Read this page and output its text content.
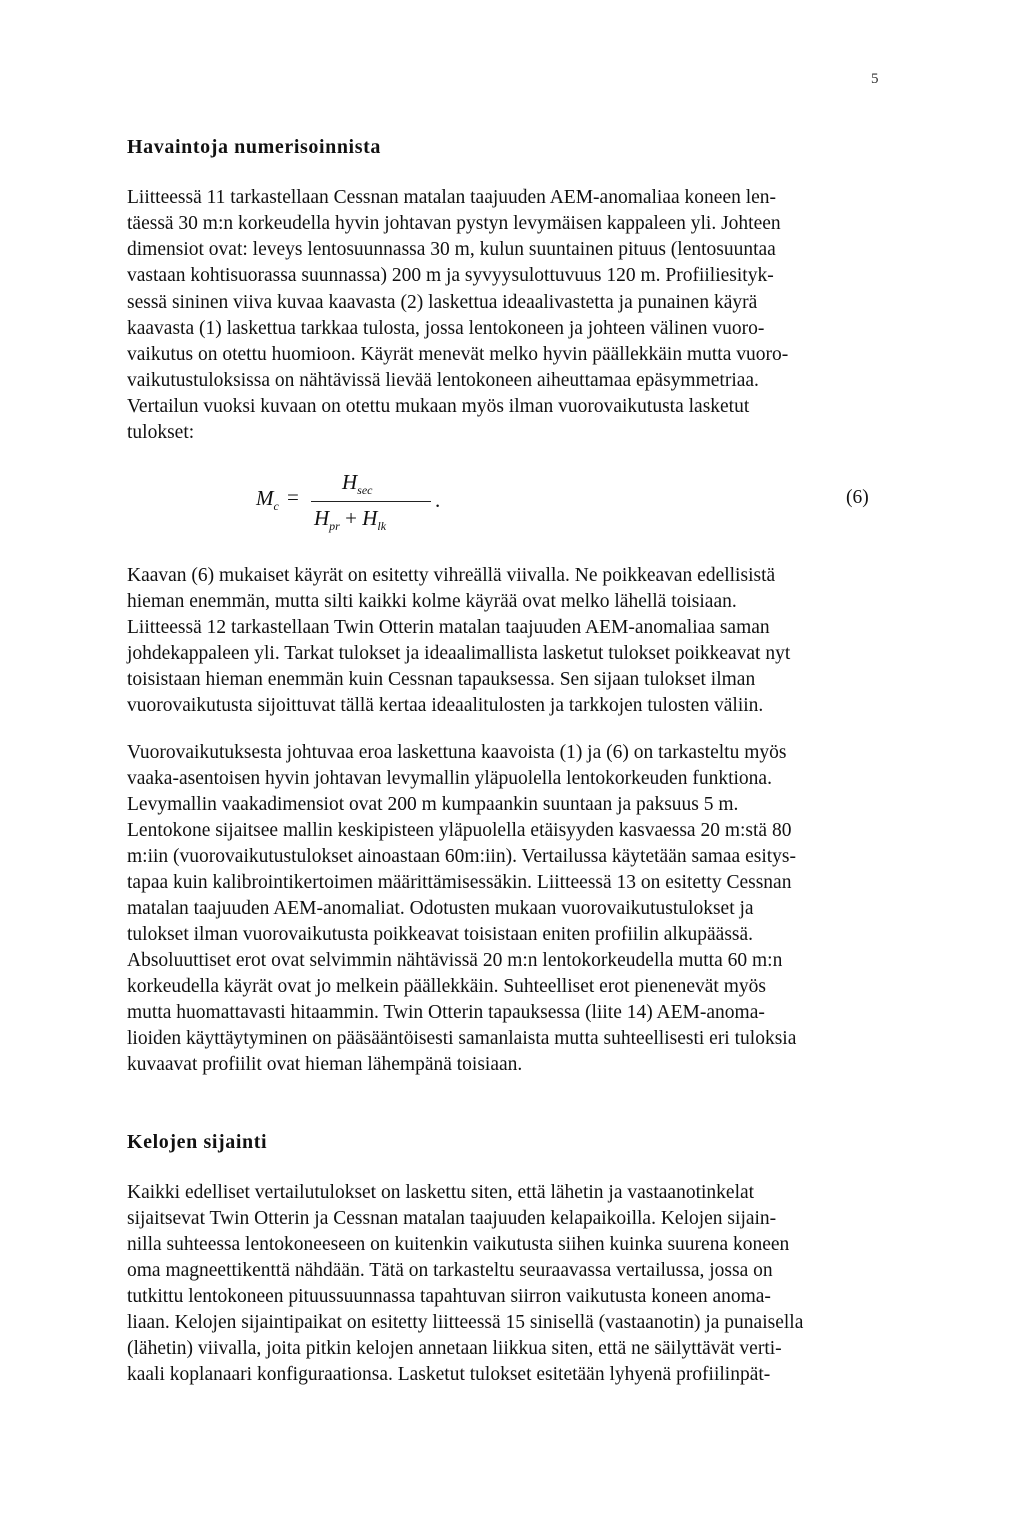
5
Havaintoja numerisoinnista
Liitteessä 11 tarkastellaan Cessnan matalan taajuuden AEM-anomaliaa koneen len-
täessä 30 m:n korkeudella hyvin johtavan pystyn levymäisen kappaleen yli. Johteen
dimensiot ovat: leveys lentosuunnassa 30 m, kulun suuntainen pituus (lentosuuntaa
vastaan kohtisuorassa suunnassa) 200 m ja syvyysulottuvuus 120 m. Profiiliesityk-
sessä sininen viiva kuvaa kaavasta (2) laskettua ideaalivastetta ja punainen käyrä
kaavasta (1) laskettua tarkkaa tulosta, jossa lentokoneen ja johteen välinen vuoro-
vaikutus on otettu huomioon. Käyrät menevät melko hyvin päällekkäin mutta vuoro-
vaikutustuloksissa on nähtävissä lievää lentokoneen aiheuttamaa epäsymmetriaa.
Vertailun vuoksi kuvaan on otettu mukaan myös ilman vuorovaikutusta lasketut
tulokset:
$M_c$ =
$H_{sec}$
$H_{pr} + H_{lk}$
.	(6)
Kaavan (6) mukaiset käyrät on esitetty vihreällä viivalla. Ne poikkeavan edellisistä
hieman enemmän, mutta silti kaikki kolme käyrää ovat melko lähellä toisiaan.
Liitteessä 12 tarkastellaan Twin Otterin matalan taajuuden AEM-anomaliaa saman
johdekappaleen yli. Tarkat tulokset ja ideaalimallista lasketut tulokset poikkeavat nyt
toisistaan hieman enemmän kuin Cessnan tapauksessa. Sen sijaan tulokset ilman
vuorovaikutusta sijoittuvat tällä kertaa ideaalitulosten ja tarkkojen tulosten väliin.
Vuorovaikutuksesta johtuvaa eroa laskettuna kaavoista (1) ja (6) on tarkasteltu myös
vaaka-asentoisen hyvin johtavan levymallin yläpuolella lentokorkeuden funktiona.
Levymallin vaakadimensiot ovat 200 m kumpaankin suuntaan ja paksuus 5 m.
Lentokone sijaitsee mallin keskipisteen yläpuolella etäisyyden kasvaessa 20 m:stä 80
m:iin (vuorovaikutustulokset ainoastaan 60m:iin). Vertailussa käytetään samaa esitys-
tapaa kuin kalibrointikertoimen määrittämisessäkin. Liitteessä 13 on esitetty Cessnan
matalan taajuuden AEM-anomaliat. Odotusten mukaan vuorovaikutustulokset ja
tulokset ilman vuorovaikutusta poikkeavat toisistaan eniten profiilin alkupäässä.
Absoluuttiset erot ovat selvimmin nähtävissä 20 m:n lentokorkeudella mutta 60 m:n
korkeudella käyrät ovat jo melkein päällekkäin. Suhteelliset erot pienenevät myös
mutta huomattavasti hitaammin. Twin Otterin tapauksessa (liite 14) AEM-anoma-
lioiden käyttäytyminen on pääsääntöisesti samanlaista mutta suhteellisesti eri tuloksia
kuvaavat profiilit ovat hieman lähempänä toisiaan.
Kelojen sijainti
Kaikki edelliset vertailutulokset on laskettu siten, että lähetin ja vastaanotinkelat
sijaitsevat Twin Otterin ja Cessnan matalan taajuuden kelapaikoilla. Kelojen sijain-
nilla suhteessa lentokoneeseen on kuitenkin vaikutusta siihen kuinka suurena koneen
oma magneettikenttä nähdään. Tätä on tarkasteltu seuraavassa vertailussa, jossa on
tutkittu lentokoneen pituussuunnassa tapahtuvan siirron vaikutusta koneen anoma-
liaan. Kelojen sijaintipaikat on esitetty liitteessä 15 sinisellä (vastaanotin) ja punaisella
(lähetin) viivalla, joita pitkin kelojen annetaan liikkua siten, että ne säilyttävät verti-
kaali koplanaari konfiguraationsa. Lasketut tulokset esitetään lyhyenä profiilinpät-
